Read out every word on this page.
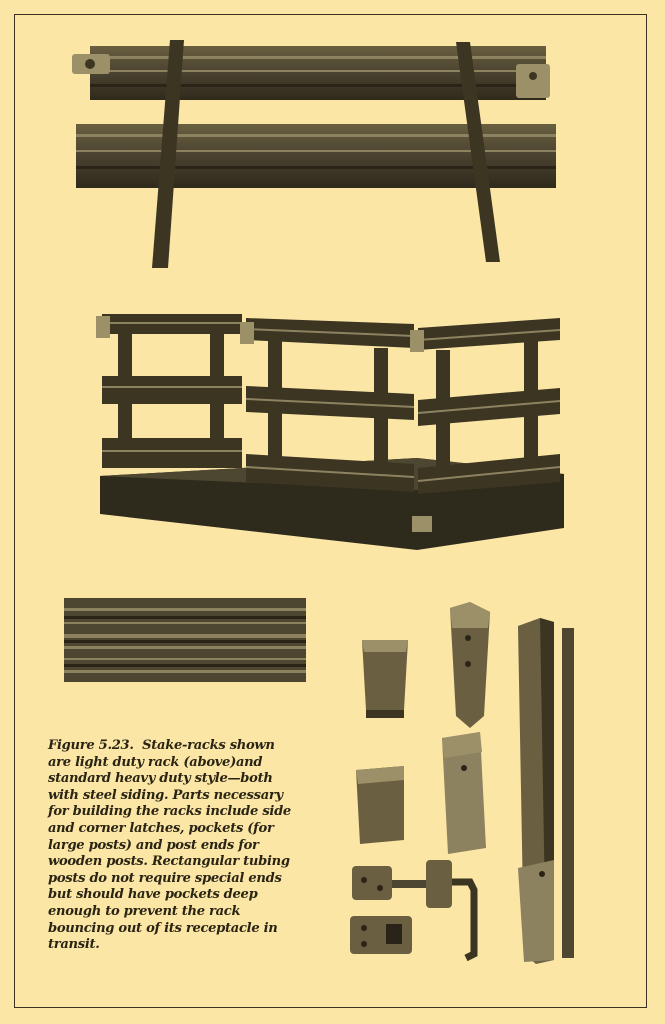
Figure 5.23. Stake-racks shown are light duty rack (above)and standard heavy duty style—both with steel siding. Parts necessary for building the racks include side and corner latches, pockets (for large posts) and post ends for wooden posts. Rectangular tubing posts do not require special ends but should have pockets deep enough to prevent the rack bouncing out of its receptacle in transit.
